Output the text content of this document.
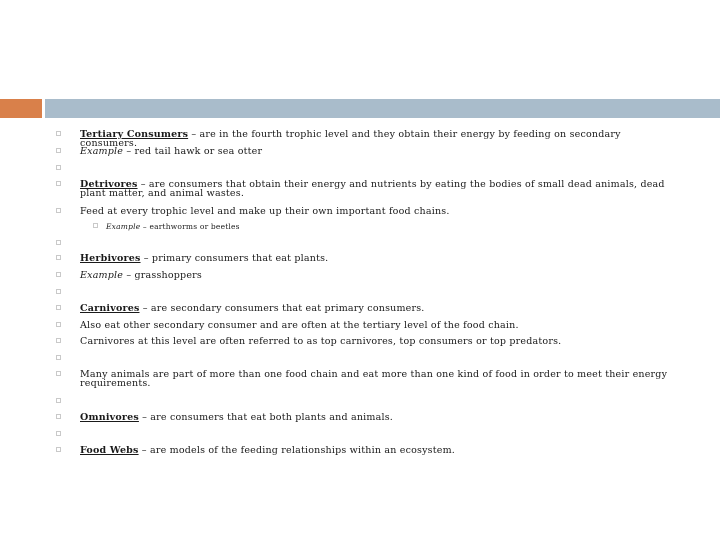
Tertiary Consumers – are in the fourth trophic level and they obtain their energy by feeding on secondary consumers.
Example – red tail hawk or sea otter
Detrivores – are consumers that obtain their energy and nutrients by eating the bodies of small dead animals, dead plant matter, and animal wastes.
Feed at every trophic level and make up their own important food chains.
Example – earthworms or beetles
Herbivores – primary consumers that eat plants.
Example – grasshoppers
Carnivores – are secondary consumers that eat primary consumers.
Also eat other secondary consumer and are often at the tertiary level of the food chain.
Carnivores at this level are often referred to as top carnivores, top consumers or top predators.
Many animals are part of more than one food chain and eat more than one kind of food in order to meet their energy requirements.
Omnivores – are consumers that eat both plants and animals.
Food Webs – are models of the feeding relationships within an ecosystem.
